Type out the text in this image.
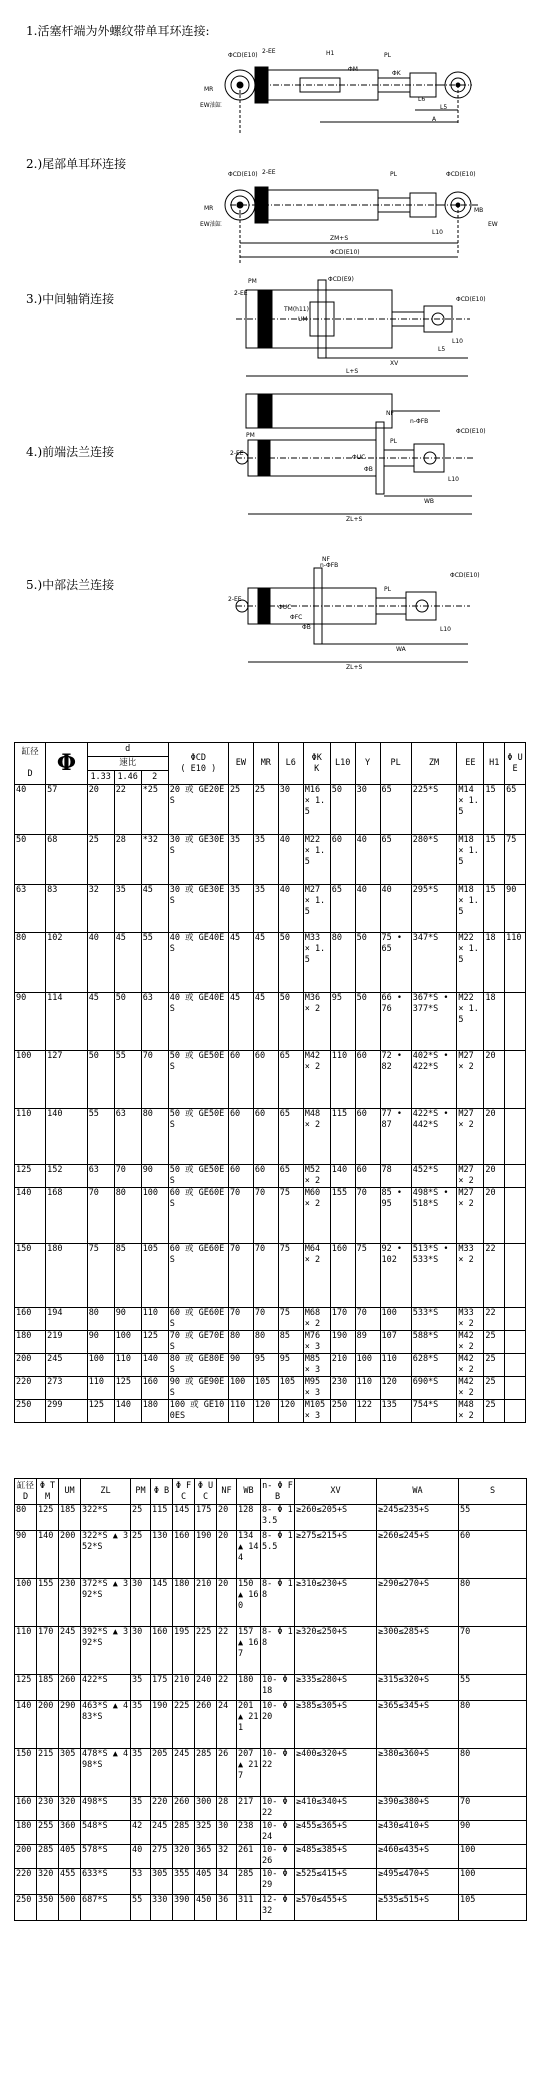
1.活塞杆端为外螺纹带单耳环连接:
2.)尾部单耳环连接
3.)中间轴销连接
4.)前端法兰连接
5.)中部法兰连接
ΦCD(E10)
2-EE	H1
ΦM
PL
ΦK
MR
EW油缸
A
L6
L5
ΦCD(E10) 2-EE	PL	ΦCD(E10)
MR
EW油缸
MB
EW
L10
ZM+S
ΦCD(E10)
PM
2-EE
ΦCD(E9)
TM(h11)
UM
ΦCD(E10)
L10
XV
L5
L+S
PM
NF
n-ΦFB
ΦCD(E10)
2-EE
ΦUC
ΦB
PL
L10
WB
ZL+S
n-ΦFB
ΦCD(E10)
2-EE
NF
ΦUC
ΦFC
ΦB
PL
L10
WA
ZL+S
缸径

D	Φ	d			ΦCD
( E10 )	EW	MR	L6	ΦK
K	L10	Y	PL	ZM	EE	H1	Φ UE
		速比														
		1.33	1.46	2												
40	57	20	22	*25	20 或 GE20ES	25	25	30	M16 × 1.5	50	30	65	225*S	M14 × 1.5	15	65
50	68	25	28	*32	30 或 GE30ES	35	35	40	M22 × 1.5	60	40	65	280*S	M18 × 1.5	15	75
63	83	32	35	45	30 或 GE30ES	35	35	40	M27 × 1.5	65	40	40	295*S	M18 × 1.5	15	90
80	102	40	45	55	40 或 GE40ES	45	45	50	M33 × 1.5	80	50	75 • 65	347*S	M22 × 1.5	18	110
90	114	45	50	63	40 或 GE40ES	45	45	50	M36 × 2	95	50	66 • 76	367*S • 377*S	M22 × 1.5	18	
100	127	50	55	70	50 或 GE50ES	60	60	65	M42 × 2	110	60	72 • 82	402*S • 422*S	M27 × 2	20	
110	140	55	63	80	50 或 GE50ES	60	60	65	M48 × 2	115	60	77 • 87	422*S • 442*S	M27 × 2	20	
125	152	63	70	90	50 或 GE50ES	60	60	65	M52 × 2	140	60	78	452*S	M27 × 2	20	
140	168	70	80	100	60 或 GE60ES	70	70	75	M60 × 2	155	70	85 • 95	498*S • 518*S	M27 × 2	20	
150	180	75	85	105	60 或 GE60ES	70	70	75	M64 × 2	160	75	92 • 102	513*S • 533*S	M33 × 2	22	
160	194	80	90	110	60 或 GE60ES	70	70	75	M68 × 2	170	70	100	533*S	M33 × 2	22	
180	219	90	100	125	70 或 GE70ES	80	80	85	M76 × 3	190	89	107	588*S	M42 × 2	25	
200	245	100	110	140	80 或 GE80ES	90	95	95	M85 × 3	210	100	110	628*S	M42 × 2	25	
220	273	110	125	160	90 或 GE90ES	100	105	105	M95 × 3	230	110	120	690*S	M42 × 2	25	
250	299	125	140	180	100 或 GE100ES	110	120	120	M105 × 3	250	122	135	754*S	M48 × 2	25	
缸径
D	Φ TM	UM	ZL	PM	Φ B	Φ FC	Φ UC	NF	WB	n- Φ FB	XV	WA	S
80	125	185	322*S	25	115	145	175	20	128	8- Φ 13.5	≥260≤205+S	≥245≤235+S	55
90	140	200	322*S ▲ 352*S	25	130	160	190	20	134 ▲ 144	8- Φ 15.5	≥275≤215+S	≥260≤245+S	60
100	155	230	372*S ▲ 392*S	30	145	180	210	20	150 ▲ 160	8- Φ 18	≥310≤230+S	≥290≤270+S	80
110	170	245	392*S ▲ 392*S	30	160	195	225	22	157 ▲ 167	8- Φ 18	≥320≤250+S	≥300≤285+S	70
125	185	260	422*S	35	175	210	240	22	180	10- Φ 18	≥335≤280+S	≥315≤320+S	55
140	200	290	463*S ▲ 483*S	35	190	225	260	24	201 ▲ 211	10- Φ 20	≥385≤305+S	≥365≤345+S	80
150	215	305	478*S ▲ 498*S	35	205	245	285	26	207 ▲ 217	10- Φ 22	≥400≤320+S	≥380≤360+S	80
160	230	320	498*S	35	220	260	300	28	217	10- Φ 22	≥410≤340+S	≥390≤380+S	70
180	255	360	548*S	42	245	285	325	30	238	10- Φ 24	≥455≤365+S	≥430≤410+S	90
200	285	405	578*S	40	275	320	365	32	261	10- Φ 26	≥485≤385+S	≥460≤435+S	100
220	320	455	633*S	53	305	355	405	34	285	10- Φ 29	≥525≤415+S	≥495≤470+S	100
250	350	500	687*S	55	330	390	450	36	311	12- Φ 32	≥570≤455+S	≥535≤515+S	105
